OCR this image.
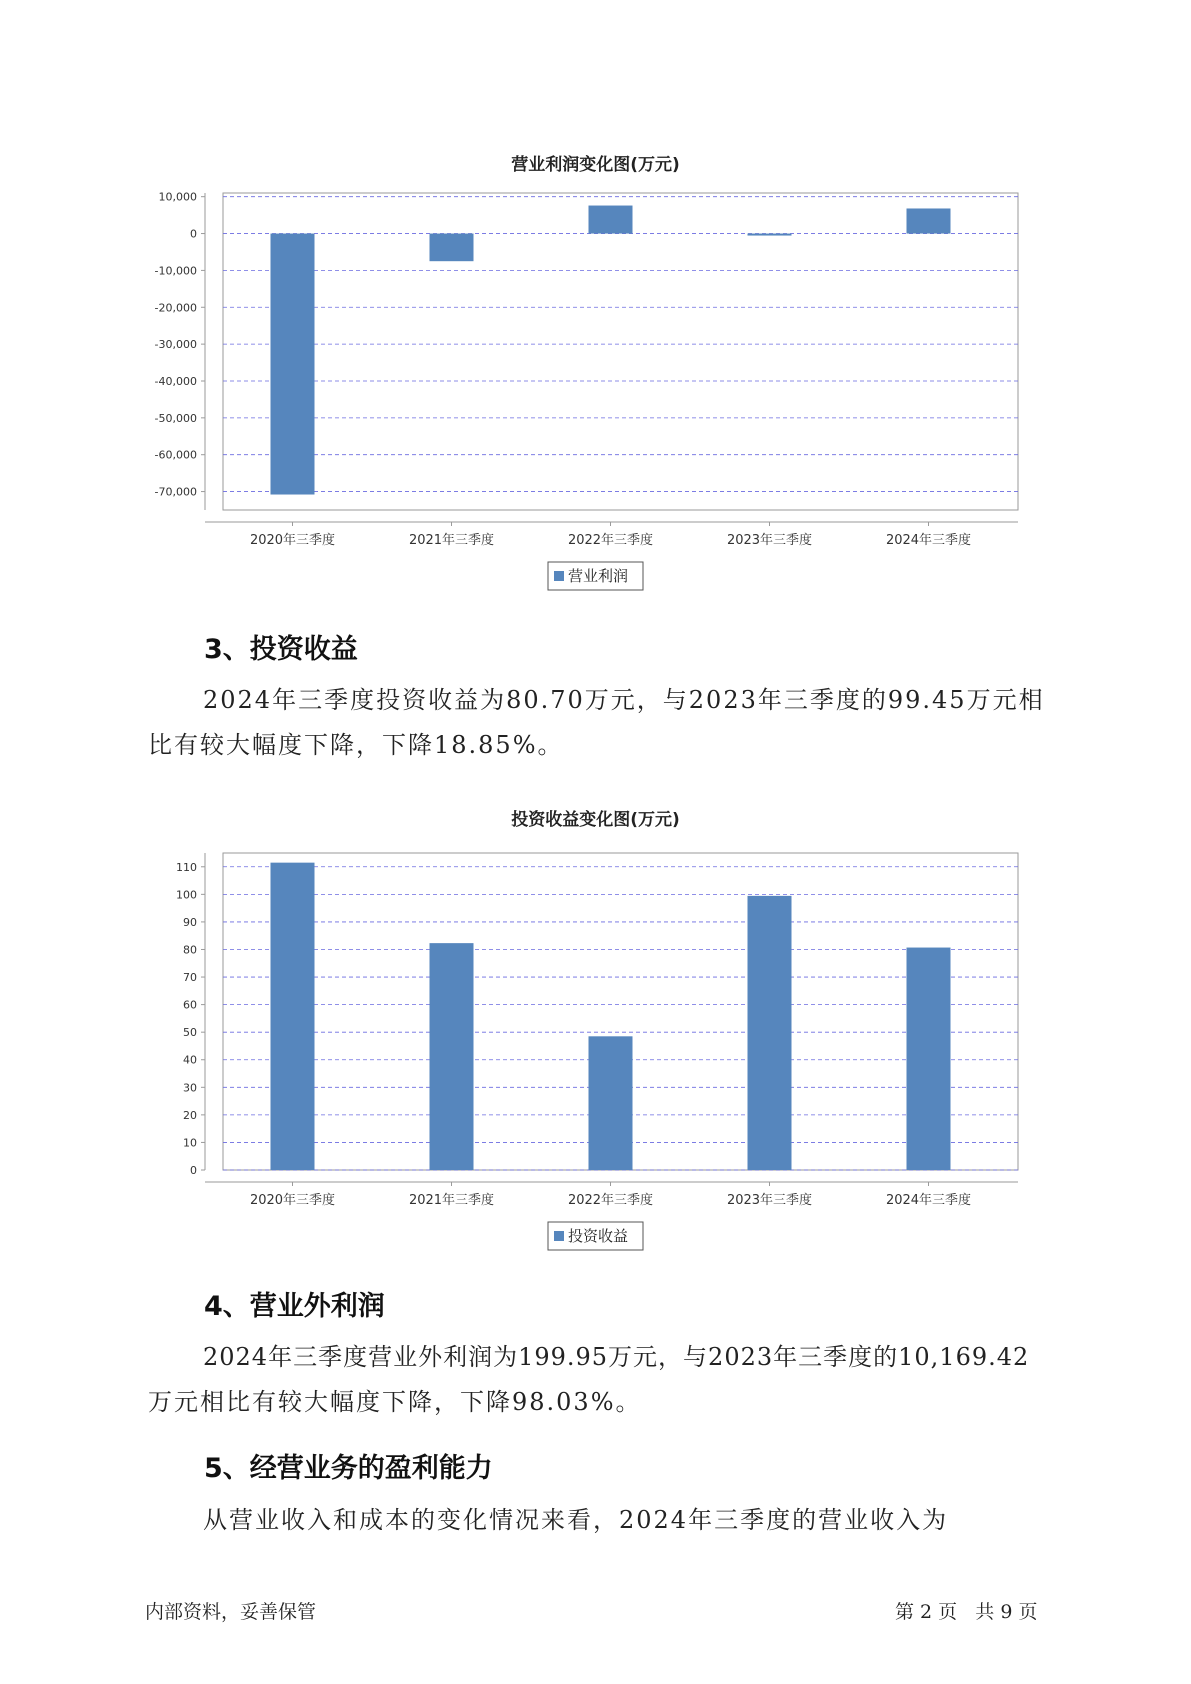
营业利润变化图(万元)
10,000
0
-10,000
-20,000
-30,000
-40,000
-50,000
-60,000
-70,000
2020年三季度	2021年三季度	2022年三季度	2023年三季度	2024年三季度
营业利润
3、投资收益
2024年三季度投资收益为80.70万元，与2023年三季度的99.45万元相
比有较大幅度下降，下降18.85%。
投资收益变化图(万元)
110
100
90
80
70
60
50
40
30
20
10
0
2020年三季度	2021年三季度	2022年三季度	2023年三季度	2024年三季度
投资收益
4、营业外利润
2024年三季度营业外利润为199.95万元，与2023年三季度的10,169.42
万元相比有较大幅度下降，下降98.03%。
5、经营业务的盈利能力
从营业收入和成本的变化情况来看，2024年三季度的营业收入为
内部资料，妥善保管	第 2 页   共 9 页
